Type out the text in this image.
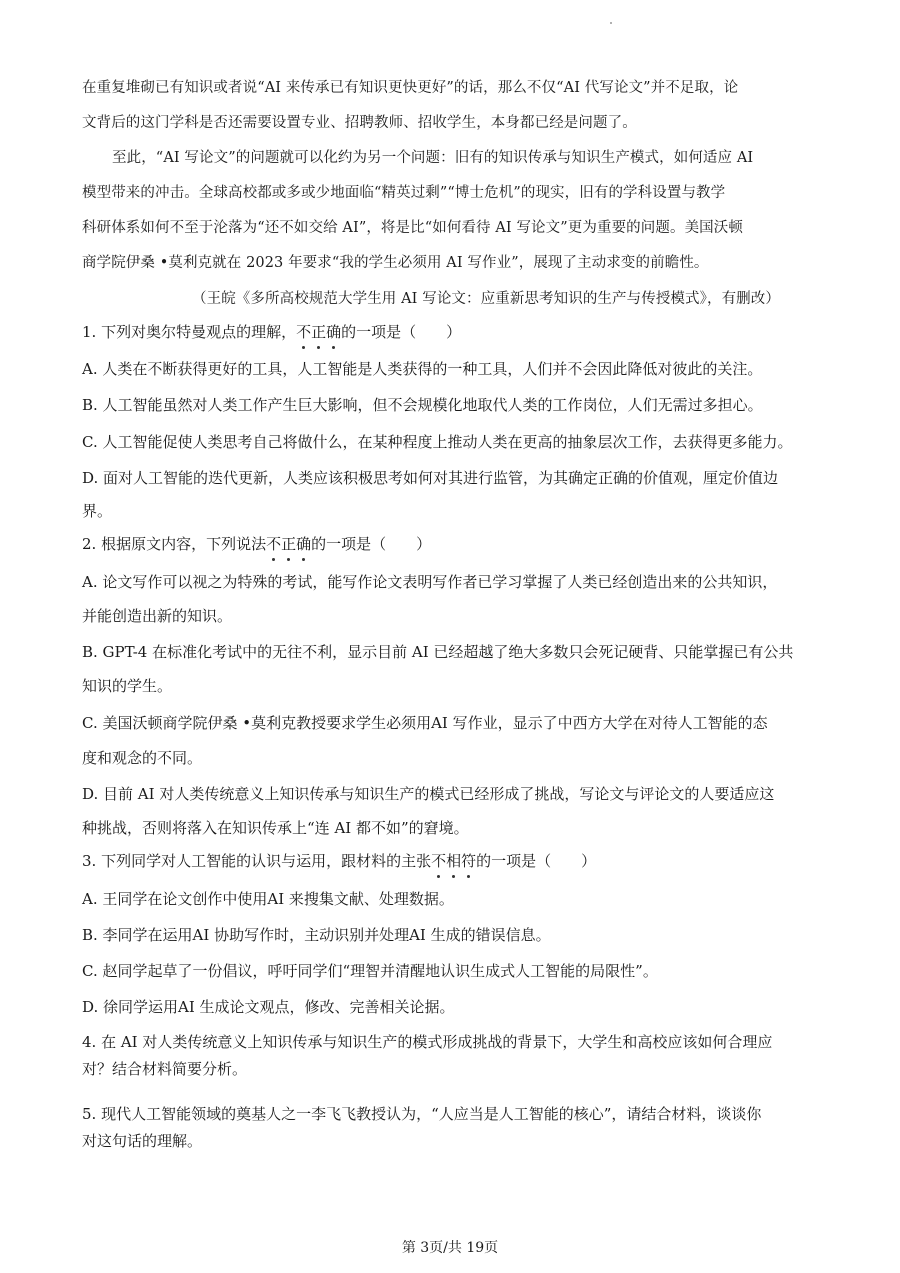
在重复堆砌已有知识或者说“AI 来传承已有知识更快更好”的话，那么不仅“AI 代写论文”并不足取，论
文背后的这门学科是否还需要设置专业、招聘教师、招收学生，本身都已经是问题了。
至此，“AI 写论文”的问题就可以化约为另一个问题：旧有的知识传承与知识生产模式，如何适应 AI
模型带来的冲击。全球高校都或多或少地面临“精英过剩”“博士危机”的现实，旧有的学科设置与教学
科研体系如何不至于沦落为“还不如交给 AI”，将是比“如何看待 AI 写论文”更为重要的问题。美国沃顿
商学院伊桑 •莫利克就在 2023 年要求“我的学生必须用 AI 写作业”，展现了主动求变的前瞻性。
（王皖《多所高校规范大学生用 AI 写论文：应重新思考知识的生产与传授模式》，有删改）
1. 下列对奥尔特曼观点的理解，不
正
确
的一项是（　　）
A. 人类在不断获得更好的工具，人工智能是人类获得的一种工具，人们并不会因此降低对彼此的关注。
B. 人工智能虽然对人类工作产生巨大影响，但不会规模化地取代人类的工作岗位，人们无需过多担心。
C. 人工智能促使人类思考自己将做什么，在某种程度上推动人类在更高的抽象层次工作，去获得更多能力。
D. 面对人工智能的迭代更新，人类应该积极思考如何对其进行监管，为其确定正确的价值观，厘定价值边
界。
2. 根据原文内容，下列说法不
正
确
的一项是（　　）
A. 论文写作可以视之为特殊的考试，能写作论文表明写作者已学习掌握了人类已经创造出来的公共知识，
并能创造出新的知识。
B. GPT-4 在标准化考试中的无往不利，显示目前 AI 已经超越了绝大多数只会死记硬背、只能掌握已有公共
知识的学生。
C. 美国沃顿商学院伊桑 •莫利克教授要求学生必须用AI 写作业，显示了中西方大学在对待人工智能的态
度和观念的不同。
D. 目前 AI 对人类传统意义上知识传承与知识生产的模式已经形成了挑战，写论文与评论文的人要适应这
种挑战，否则将落入在知识传承上“连 AI 都不如”的窘境。
3. 下列同学对人工智能的认识与运用，跟材料的主张不
相
符
的一项是（　　）
A. 王同学在论文创作中使用AI 来搜集文献、处理数据。
B. 李同学在运用AI 协助写作时，主动识别并处理AI 生成的错误信息。
C. 赵同学起草了一份倡议，呼吁同学们“理智并清醒地认识生成式人工智能的局限性”。
D. 徐同学运用AI 生成论文观点，修改、完善相关论据。
4. 在 AI 对人类传统意义上知识传承与知识生产的模式形成挑战的背景下，大学生和高校应该如何合理应
对？结合材料简要分析。
5. 现代人工智能领域的奠基人之一李飞飞教授认为，“人应当是人工智能的核心”，请结合材料，谈谈你
对这句话的理解。
第 3页/共 19页
